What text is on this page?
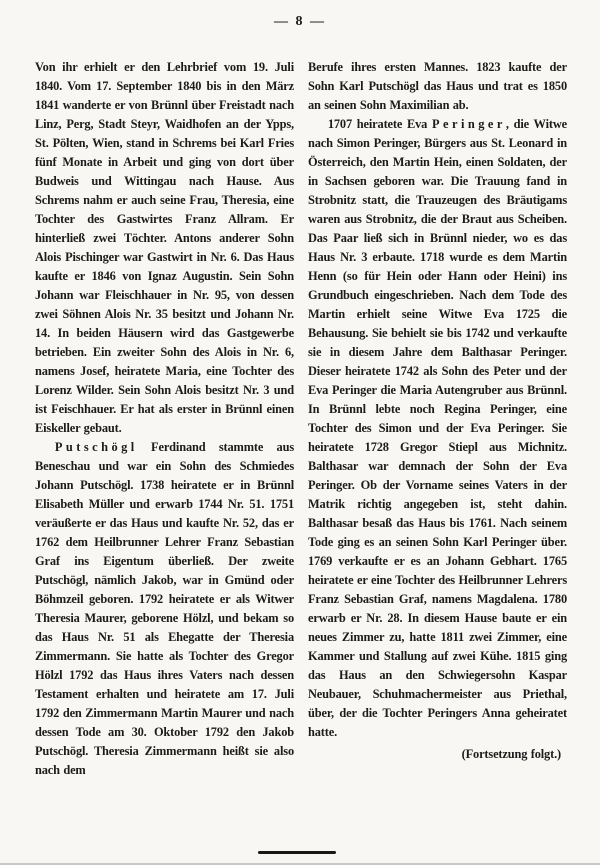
— 8 —

Von ihr erhielt er den Lehrbrief vom 19. Juli 1840. Vom 17. September 1840 bis in den März 1841 wanderte er von Brünnl über Freistadt nach Linz, Perg, Stadt Steyr, Waidhofen an der Ypps, St. Pölten, Wien, stand in Schrems bei Karl Fries fünf Monate in Arbeit und ging von dort über Budweis und Wittingau nach Hause. Aus Schrems nahm er auch seine Frau, Theresia, eine Tochter des Gastwirtes Franz Allram. Er hinterließ zwei Töchter. Antons anderer Sohn Alois Pischinger war Gastwirt in Nr. 6. Das Haus kaufte er 1846 von Ignaz Augustin. Sein Sohn Johann war Fleischhauer in Nr. 95, von dessen zwei Söhnen Alois Nr. 35 besitzt und Johann Nr. 14. In beiden Häusern wird das Gastgewerbe betrieben. Ein zweiter Sohn des Alois in Nr. 6, namens Josef, heiratete Maria, eine Tochter des Lorenz Wilder. Sein Sohn Alois besitzt Nr. 3 und ist Feischhauer. Er hat als erster in Brünnl einen Eiskeller gebaut.

Putschögl Ferdinand stammte aus Beneschau und war ein Sohn des Schmiedes Johann Putschögl. 1738 heiratete er in Brünnl Elisabeth Müller und erwarb 1744 Nr. 51. 1751 veräußerte er das Haus und kaufte Nr. 52, das er 1762 dem Heilbrunner Lehrer Franz Sebastian Graf ins Eigentum überließ. Der zweite Putschögl, nämlich Jakob, war in Gmünd oder Böhmzeil geboren. 1792 heiratete er als Witwer Theresia Maurer, geborene Hölzl, und bekam so das Haus Nr. 51 als Ehegatte der Theresia Zimmermann. Sie hatte als Tochter des Gregor Hölzl 1792 das Haus ihres Vaters nach dessen Testament erhalten und heiratete am 17. Juli 1792 den Zimmermann Martin Maurer und nach dessen Tode am 30. Oktober 1792 den Jakob Putschögl. Theresia Zimmermann heißt sie also nach dem

Berufe ihres ersten Mannes. 1823 kaufte der Sohn Karl Putschögl das Haus und trat es 1850 an seinen Sohn Maximilian ab.

1707 heiratete Eva Peringer, die Witwe nach Simon Peringer, Bürgers aus St. Leonard in Österreich, den Martin Hein, einen Soldaten, der in Sachsen geboren war. Die Trauung fand in Strobnitz statt, die Trauzeugen des Bräutigams waren aus Strobnitz, die der Braut aus Scheiben. Das Paar ließ sich in Brünnl nieder, wo es das Haus Nr. 3 erbaute. 1718 wurde es dem Martin Henn (so für Hein oder Hann oder Heini) ins Grundbuch eingeschrieben. Nach dem Tode des Martin erhielt seine Witwe Eva 1725 die Behausung. Sie behielt sie bis 1742 und verkaufte sie in diesem Jahre dem Balthasar Peringer. Dieser heiratete 1742 als Sohn des Peter und der Eva Peringer die Maria Autengruber aus Brünnl. In Brünnl lebte noch Regina Peringer, eine Tochter des Simon und der Eva Peringer. Sie heiratete 1728 Gregor Stiepl aus Michnitz. Balthasar war demnach der Sohn der Eva Peringer. Ob der Vorname seines Vaters in der Matrik richtig angegeben ist, steht dahin. Balthasar besaß das Haus bis 1761. Nach seinem Tode ging es an seinen Sohn Karl Peringer über. 1769 verkaufte er es an Johann Gebhart. 1765 heiratete er eine Tochter des Heilbrunner Lehrers Franz Sebastian Graf, namens Magdalena. 1780 erwarb er Nr. 28. In diesem Hause baute er ein neues Zimmer zu, hatte 1811 zwei Zimmer, eine Kammer und Stallung auf zwei Kühe. 1815 ging das Haus an den Schwiegersohn Kaspar Neubauer, Schuhmachermeister aus Priethal, über, der die Tochter Peringers Anna geheiratet hatte.

(Fortsetzung folgt.)
